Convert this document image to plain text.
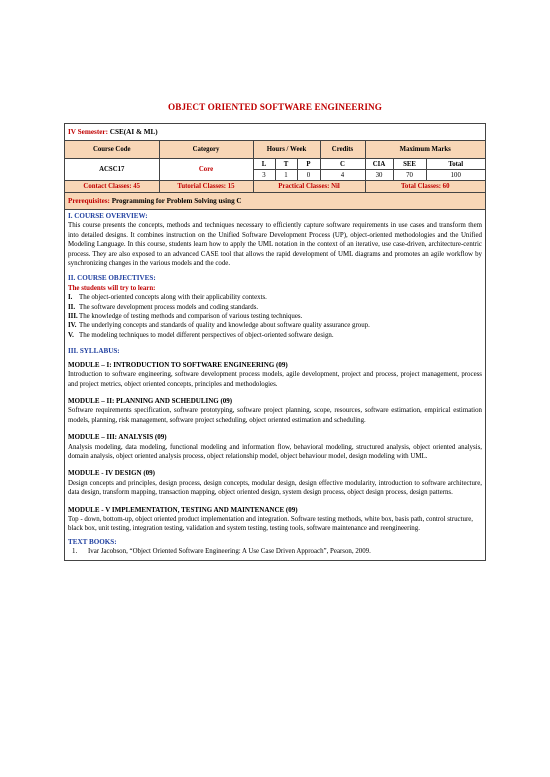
OBJECT ORIENTED SOFTWARE ENGINEERING
IV Semester: CSE(AI & ML)
Course Code	Category	Hours / Week			Credits	Maximum Marks		
ACSC17	Core	L	T	P	C	CIA	SEE	Total
		3	1	0	4	30	70	100
Contact Classes: 45	Tutorial Classes: 15	Practical Classes: Nil				Total Classes: 60		
Prerequisites: Programming for Problem Solving using C
I. COURSE OVERVIEW:

This course presents the concepts, methods and techniques necessary to efficiently capture software requirements in use cases and transform them into detailed designs. It combines instruction on the Unified Software Development Process (UP), object-oriented methodologies and the Unified Modeling Language. In this course, students learn how to apply the UML notation in the context of an iterative, use case-driven, architecture-centric process. They are also exposed to an advanced CASE tool that allows the rapid development of UML diagrams and promotes an agile workflow by synchronizing changes in the various models and the code.

II. COURSE OBJECTIVES:
The students will try to learn:
I. The object-oriented concepts along with their applicability contexts.
II. The software development process models and coding standards.
III. The knowledge of testing methods and comparison of various testing techniques.
IV. The underlying concepts and standards of quality and knowledge about software quality assurance group.
V. The modeling techniques to model different perspectives of object-oriented software design.
III. SYLLABUS:
MODULE – I: INTRODUCTION TO SOFTWARE ENGINEERING (09)

Introduction to software engineering, software development process models, agile development, project and process, project management, process and project metrics, object oriented concepts, principles and methodologies.

MODULE – II: PLANNING AND SCHEDULING (09)

Software requirements specification, software prototyping, software project planning, scope, resources, software estimation, empirical estimation models, planning, risk management, software project scheduling, object oriented estimation and scheduling.

MODULE – III: ANALYSIS (09)

Analysis modeling, data modeling, functional modeling and information flow, behavioral modeling, structured analysis, object oriented analysis, domain analysis, object oriented analysis process, object relationship model, object behaviour model, design modeling with UML.

MODULE - IV DESIGN (09)

Design concepts and principles, design process, design concepts, modular design, design effective modularity, introduction to software architecture, data design, transform mapping, transaction mapping, object oriented design, system design process, object design process, design patterns.

MODULE - V IMPLEMENTATION, TESTING AND MAINTENANCE (09)

Top - down, bottom-up, object oriented product implementation and integration. Software testing methods, white box, basis path, control structure, black box, unit testing, integration testing, validation and system testing, testing tools, software maintenance and reengineering.

TEXT BOOKS:
1.	Ivar Jacobson, “Object Oriented Software Engineering: A Use Case Driven Approach”, Pearson, 2009.
